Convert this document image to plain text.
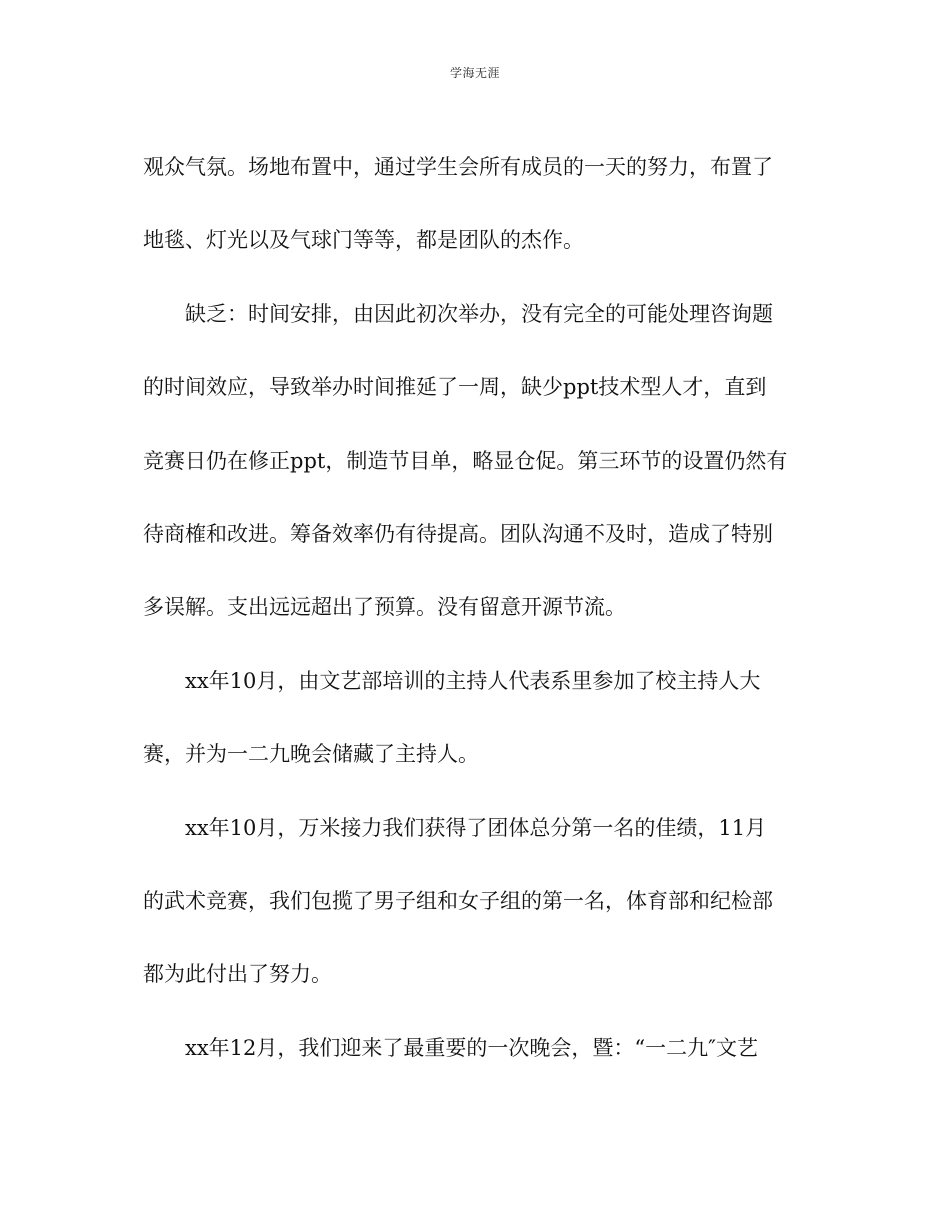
学海无涯
观众气氛。场地布置中，通过学生会所有成员的一天的努力，布置了
地毯、灯光以及气球门等等，都是团队的杰作。
缺乏：时间安排，由因此初次举办，没有完全的可能处理咨询题
的时间效应，导致举办时间推延了一周，缺少ppt技术型人才，直到
竞赛日仍在修正ppt，制造节目单，略显仓促。第三环节的设置仍然有
待商榷和改进。筹备效率仍有待提高。团队沟通不及时，造成了特别
多误解。支出远远超出了预算。没有留意开源节流。
xx年10月，由文艺部培训的主持人代表系里参加了校主持人大
赛，并为一二九晚会储藏了主持人。
xx年10月，万米接力我们获得了团体总分第一名的佳绩，11月
的武术竞赛，我们包揽了男子组和女子组的第一名，体育部和纪检部
都为此付出了努力。
xx年12月，我们迎来了最重要的一次晚会，暨：“一二九″文艺
